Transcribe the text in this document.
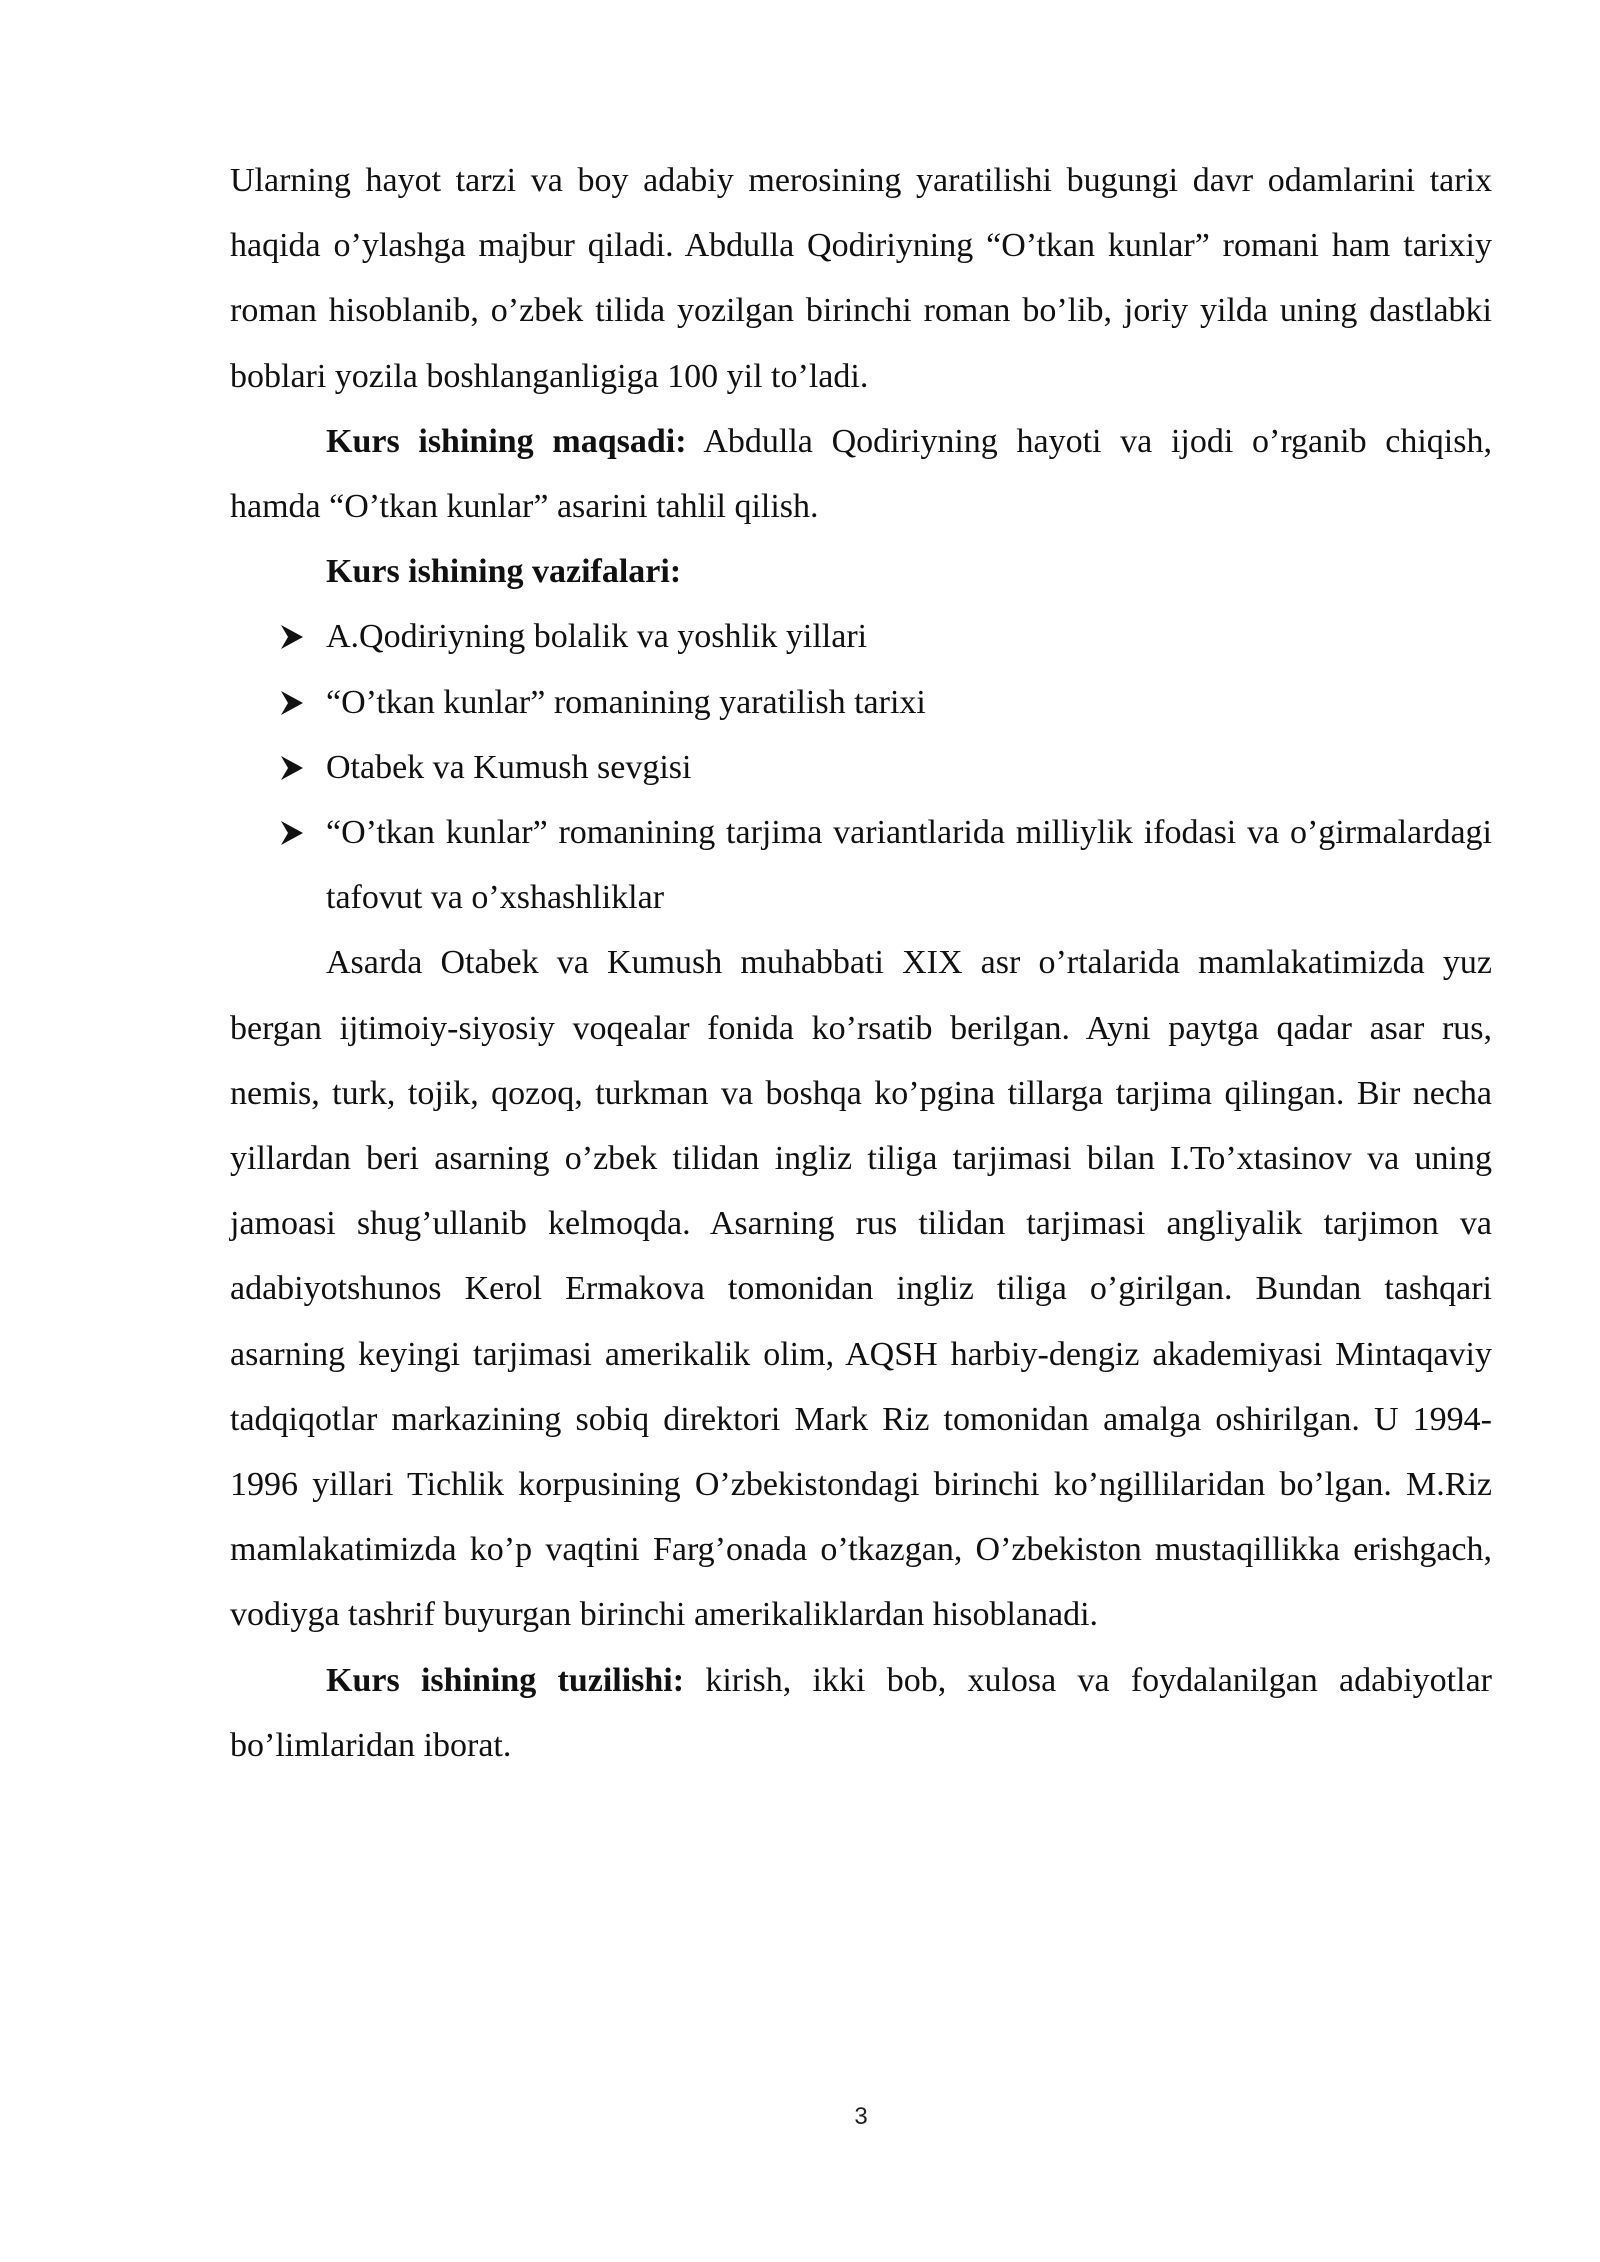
Ularning hayot tarzi va boy adabiy merosining yaratilishi bugungi davr odamlarini tarix haqida o’ylashga majbur qiladi. Abdulla Qodiriyning “O’tkan kunlar” romani ham tarixiy roman hisoblanib, o’zbek tilida yozilgan birinchi roman bo’lib, joriy yilda uning dastlabki boblari yozila boshlanganligiga 100 yil to’ladi.

Kurs ishining maqsadi: Abdulla Qodiriyning hayoti va ijodi o’rganib chiqish, hamda “O’tkan kunlar” asarini tahlil qilish.

Kurs ishining vazifalari:

A.Qodiriyning bolalik va yoshlik yillari
“O’tkan kunlar” romanining yaratilish tarixi
Otabek va Kumush sevgisi
“O’tkan kunlar” romanining tarjima variantlarida milliylik ifodasi va o’girmalardagi tafovut va o’xshashliklar

Asarda Otabek va Kumush muhabbati XIX asr o’rtalarida mamlakatimizda yuz bergan ijtimoiy-siyosiy voqealar fonida ko’rsatib berilgan. Ayni paytga qadar asar rus, nemis, turk, tojik, qozoq, turkman va boshqa ko’pgina tillarga tarjima qilingan. Bir necha yillardan beri asarning o’zbek tilidan ingliz tiliga tarjimasi bilan I.To’xtasinov va uning jamoasi shug’ullanib kelmoqda. Asarning rus tilidan tarjimasi angliyalik tarjimon va adabiyotshunos Kerol Ermakova tomonidan ingliz tiliga o’girilgan. Bundan tashqari asarning keyingi tarjimasi amerikalik olim, AQSH harbiy-dengiz akademiyasi Mintaqaviy tadqiqotlar markazining sobiq direktori Mark Riz tomonidan amalga oshirilgan. U 1994-1996 yillari Tichlik korpusining O’zbekistondagi birinchi ko’ngillilaridan bo’lgan. M.Riz mamlakatimizda ko’p vaqtini Farg’onada o’tkazgan, O’zbekiston mustaqillikka erishgach, vodiyga tashrif buyurgan birinchi amerikaliklardan hisoblanadi.

Kurs ishining tuzilishi: kirish, ikki bob, xulosa va foydalanilgan adabiyotlar bo’limlaridan iborat.

3
